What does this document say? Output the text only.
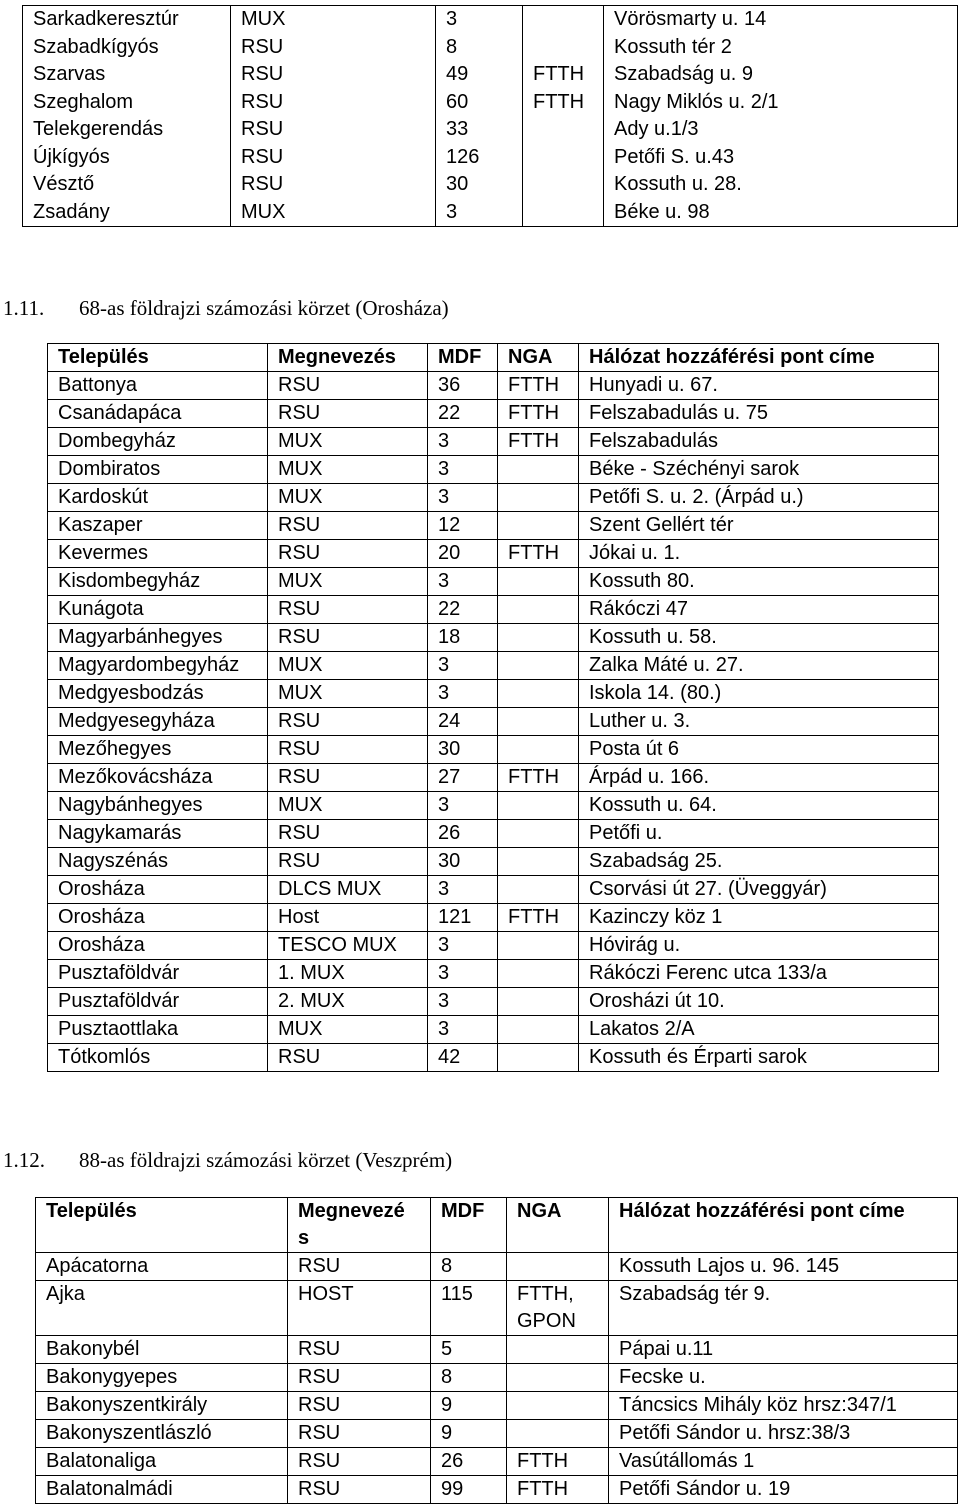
Sarkadkeresztúr	MUX	3		Vörösmarty u. 14
Szabadkígyós	RSU	8		Kossuth tér 2
Szarvas	RSU	49	FTTH	Szabadság u. 9
Szeghalom	RSU	60	FTTH	Nagy Miklós u. 2/1
Telekgerendás	RSU	33		Ady u.1/3
Újkígyós	RSU	126		Petőfi S. u.43
Vésztő	RSU	30		Kossuth u. 28.
Zsadány	MUX	3		Béke u. 98
1.11. 68-as földrajzi számozási körzet (Orosháza)
Település	Megnevezés	MDF	NGA	Hálózat hozzáférési pont címe
Battonya	RSU	36	FTTH	Hunyadi u. 67.
Csanádapáca	RSU	22	FTTH	Felszabadulás u. 75
Dombegyház	MUX	3	FTTH	Felszabadulás
Dombiratos	MUX	3		Béke - Széchényi sarok
Kardoskút	MUX	3		Petőfi S. u. 2. (Árpád u.)
Kaszaper	RSU	12		Szent Gellért tér
Kevermes	RSU	20	FTTH	Jókai u. 1.
Kisdombegyház	MUX	3		Kossuth 80.
Kunágota	RSU	22		Rákóczi 47
Magyarbánhegyes	RSU	18		Kossuth u. 58.
Magyardombegyház	MUX	3		Zalka Máté u. 27.
Medgyesbodzás	MUX	3		Iskola 14. (80.)
Medgyesegyháza	RSU	24		Luther u. 3.
Mezőhegyes	RSU	30		Posta út 6
Mezőkovácsháza	RSU	27	FTTH	Árpád u. 166.
Nagybánhegyes	MUX	3		Kossuth u. 64.
Nagykamarás	RSU	26		Petőfi u.
Nagyszénás	RSU	30		Szabadság 25.
Orosháza	DLCS MUX	3		Csorvási út 27. (Üveggyár)
Orosháza	Host	121	FTTH	Kazinczy köz 1
Orosháza	TESCO MUX	3		Hóvirág u.
Pusztaföldvár	1. MUX	3		Rákóczi Ferenc utca 133/a
Pusztaföldvár	2. MUX	3		Orosházi út 10.
Pusztaottlaka	MUX	3		Lakatos 2/A
Tótkomlós	RSU	42		Kossuth és Érparti sarok
1.12. 88-as földrajzi számozási körzet (Veszprém)
Település	Megnevezé s	MDF	NGA	Hálózat hozzáférési pont címe
Apácatorna	RSU	8		Kossuth Lajos u. 96. 145
Ajka	HOST	115	FTTH, GPON	Szabadság tér 9.
Bakonybél	RSU	5		Pápai u.11
Bakonygyepes	RSU	8		Fecske u.
Bakonyszentkirály	RSU	9		Táncsics Mihály köz hrsz:347/1
Bakonyszentlászló	RSU	9		Petőfi Sándor u. hrsz:38/3
Balatonaliga	RSU	26	FTTH	Vasútállomás 1
Balatonalmádi	RSU	99	FTTH	Petőfi Sándor u. 19
